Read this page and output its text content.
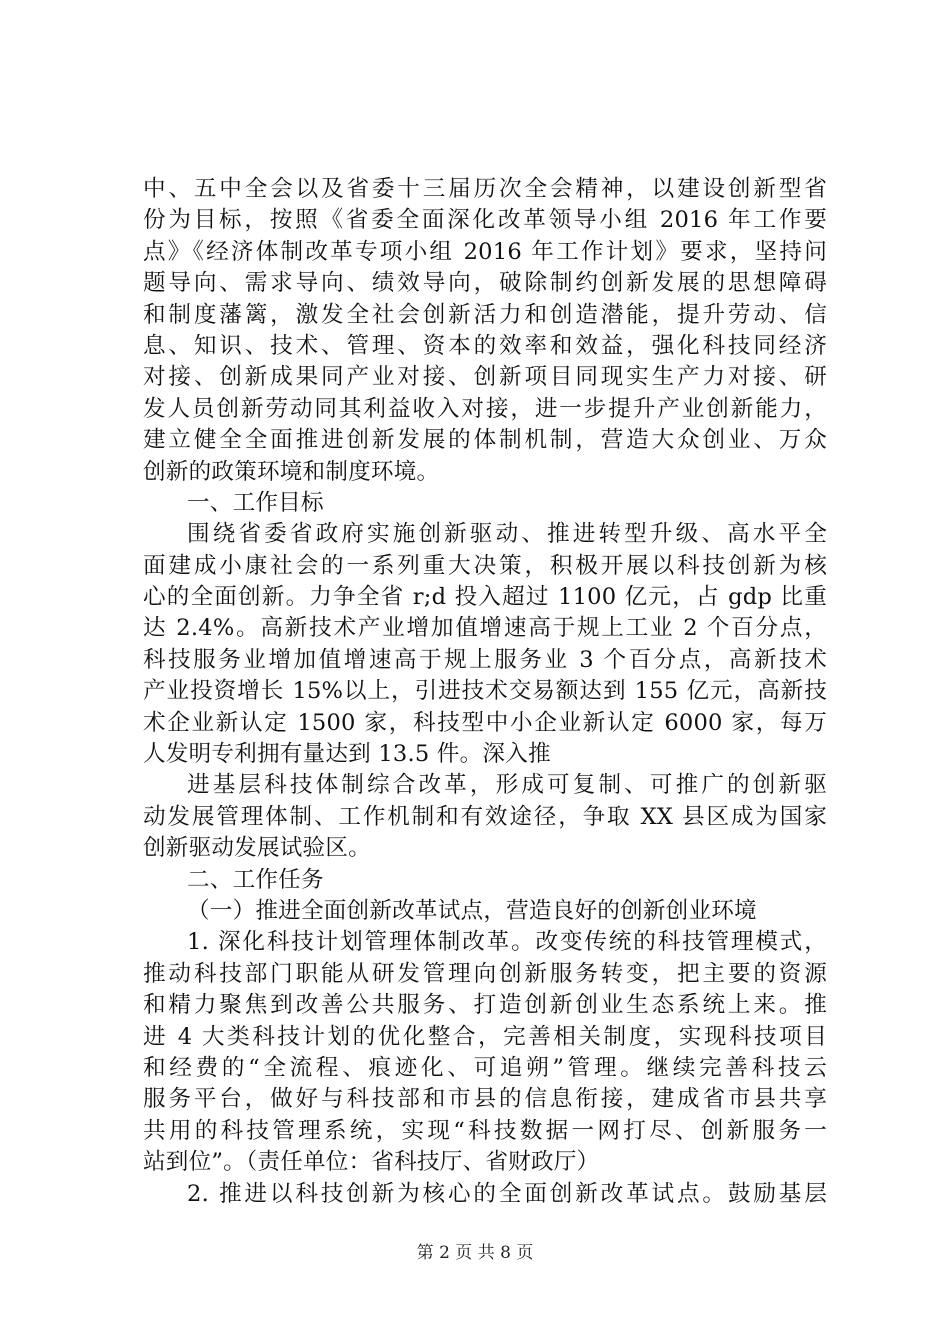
中、五中全会以及省委十三届历次全会精神，以建设创新型省
份为目标，按照《省委全面深化改革领导小组 2016 年工作要
点》《经济体制改革专项小组 2016 年工作计划》要求，坚持问
题导向、需求导向、绩效导向，破除制约创新发展的思想障碍
和制度藩篱，激发全社会创新活力和创造潜能，提升劳动、信
息、知识、技术、管理、资本的效率和效益，强化科技同经济
对接、创新成果同产业对接、创新项目同现实生产力对接、研
发人员创新劳动同其利益收入对接，进一步提升产业创新能力，
建立健全全面推进创新发展的体制机制，营造大众创业、万众
创新的政策环境和制度环境。
一、工作目标
围绕省委省政府实施创新驱动、推进转型升级、高水平全
面建成小康社会的一系列重大决策，积极开展以科技创新为核
心的全面创新。力争全省 r;d 投入超过 1100 亿元，占 gdp 比重
达 2.4%。高新技术产业增加值增速高于规上工业 2 个百分点，
科技服务业增加值增速高于规上服务业 3 个百分点，高新技术
产业投资增长 15%以上，引进技术交易额达到 155 亿元，高新技
术企业新认定 1500 家，科技型中小企业新认定 6000 家，每万
人发明专利拥有量达到 13.5 件。深入推
进基层科技体制综合改革，形成可复制、可推广的创新驱
动发展管理体制、工作机制和有效途径，争取 XX 县区成为国家
创新驱动发展试验区。
二、工作任务
（一）推进全面创新改革试点，营造良好的创新创业环境
1. 深化科技计划管理体制改革。改变传统的科技管理模式，
推动科技部门职能从研发管理向创新服务转变，把主要的资源
和精力聚焦到改善公共服务、打造创新创业生态系统上来。推
进 4 大类科技计划的优化整合，完善相关制度，实现科技项目
和经费的“全流程、痕迹化、可追朔”管理。继续完善科技云
服务平台，做好与科技部和市县的信息衔接，建成省市县共享
共用的科技管理系统，实现“科技数据一网打尽、创新服务一
站到位”。（责任单位：省科技厅、省财政厅）
2. 推进以科技创新为核心的全面创新改革试点。鼓励基层
第 2 页 共 8 页
